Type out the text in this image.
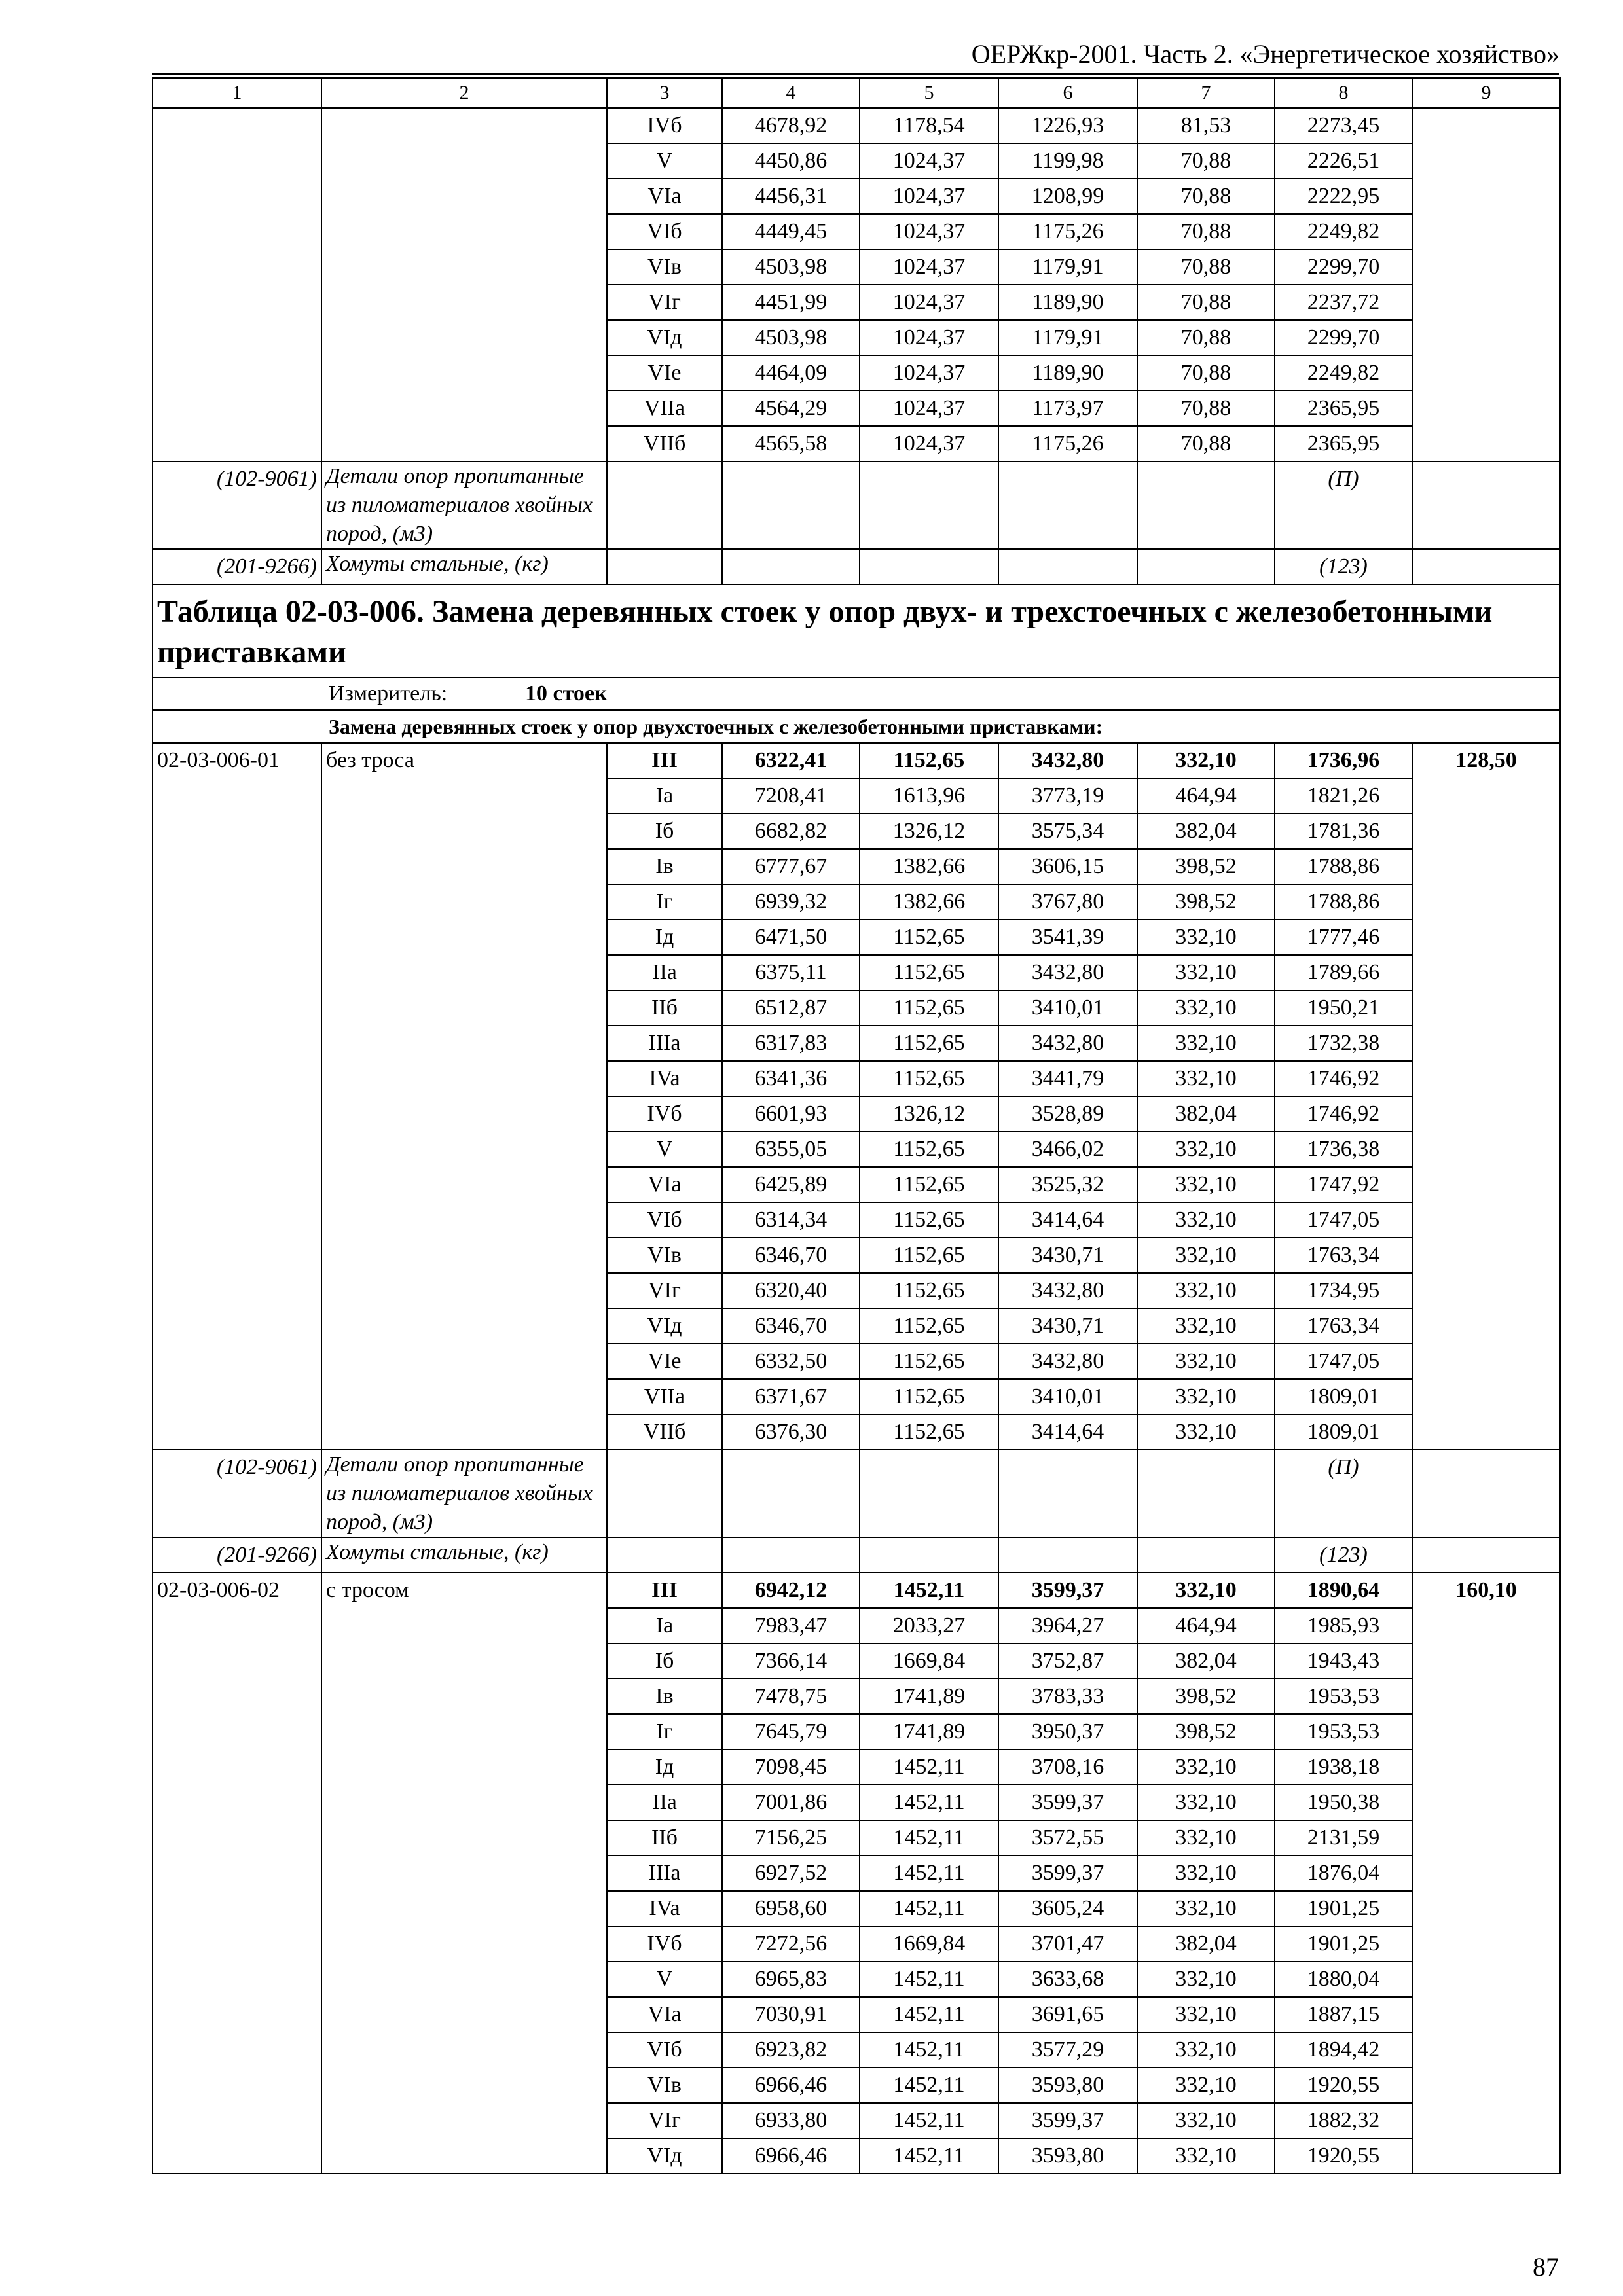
ОЕРЖкр-2001. Часть 2. «Энергетическое хозяйство»
1	2	3	4	5	6	7	8	9
		IVб	4678,92	1178,54	1226,93	81,53	2273,45	
		V	4450,86	1024,37	1199,98	70,88	2226,51	
		VIa	4456,31	1024,37	1208,99	70,88	2222,95	
		VIб	4449,45	1024,37	1175,26	70,88	2249,82	
		VIв	4503,98	1024,37	1179,91	70,88	2299,70	
		VIг	4451,99	1024,37	1189,90	70,88	2237,72	
		VIд	4503,98	1024,37	1179,91	70,88	2299,70	
		VIe	4464,09	1024,37	1189,90	70,88	2249,82	
		VIIa	4564,29	1024,37	1173,97	70,88	2365,95	
		VIIб	4565,58	1024,37	1175,26	70,88	2365,95	
(102-9061)	Детали опор пропитанные из пиломатериалов хвойных пород, (м3)						(П)	
(201-9266)	Хомуты стальные, (кг)						(123)	
Таблица 02-03-006. Замена деревянных стоек у опор двух- и трехстоечных с железобетонными приставками								
Измеритель: 10 стоек								
Замена деревянных стоек у опор двухстоечных с железобетонными приставками:								
02-03-006-01	без троса	III	6322,41	1152,65	3432,80	332,10	1736,96	128,50
		Ia	7208,41	1613,96	3773,19	464,94	1821,26	
		Iб	6682,82	1326,12	3575,34	382,04	1781,36	
		Iв	6777,67	1382,66	3606,15	398,52	1788,86	
		Iг	6939,32	1382,66	3767,80	398,52	1788,86	
		Iд	6471,50	1152,65	3541,39	332,10	1777,46	
		IIa	6375,11	1152,65	3432,80	332,10	1789,66	
		IIб	6512,87	1152,65	3410,01	332,10	1950,21	
		IIIa	6317,83	1152,65	3432,80	332,10	1732,38	
		IVa	6341,36	1152,65	3441,79	332,10	1746,92	
		IVб	6601,93	1326,12	3528,89	382,04	1746,92	
		V	6355,05	1152,65	3466,02	332,10	1736,38	
		VIa	6425,89	1152,65	3525,32	332,10	1747,92	
		VIб	6314,34	1152,65	3414,64	332,10	1747,05	
		VIв	6346,70	1152,65	3430,71	332,10	1763,34	
		VIг	6320,40	1152,65	3432,80	332,10	1734,95	
		VIд	6346,70	1152,65	3430,71	332,10	1763,34	
		VIe	6332,50	1152,65	3432,80	332,10	1747,05	
		VIIa	6371,67	1152,65	3410,01	332,10	1809,01	
		VIIб	6376,30	1152,65	3414,64	332,10	1809,01	
(102-9061)	Детали опор пропитанные из пиломатериалов хвойных пород, (м3)						(П)	
(201-9266)	Хомуты стальные, (кг)						(123)	
02-03-006-02	с тросом	III	6942,12	1452,11	3599,37	332,10	1890,64	160,10
		Ia	7983,47	2033,27	3964,27	464,94	1985,93	
		Iб	7366,14	1669,84	3752,87	382,04	1943,43	
		Iв	7478,75	1741,89	3783,33	398,52	1953,53	
		Iг	7645,79	1741,89	3950,37	398,52	1953,53	
		Iд	7098,45	1452,11	3708,16	332,10	1938,18	
		IIa	7001,86	1452,11	3599,37	332,10	1950,38	
		IIб	7156,25	1452,11	3572,55	332,10	2131,59	
		IIIa	6927,52	1452,11	3599,37	332,10	1876,04	
		IVa	6958,60	1452,11	3605,24	332,10	1901,25	
		IVб	7272,56	1669,84	3701,47	382,04	1901,25	
		V	6965,83	1452,11	3633,68	332,10	1880,04	
		VIa	7030,91	1452,11	3691,65	332,10	1887,15	
		VIб	6923,82	1452,11	3577,29	332,10	1894,42	
		VIв	6966,46	1452,11	3593,80	332,10	1920,55	
		VIг	6933,80	1452,11	3599,37	332,10	1882,32	
		VIд	6966,46	1452,11	3593,80	332,10	1920,55	
87
